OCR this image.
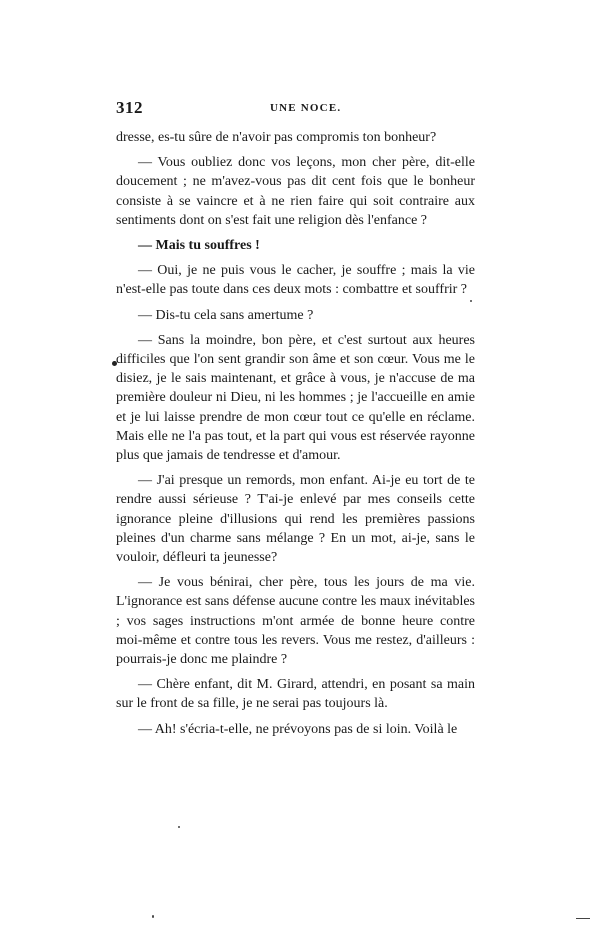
312	UNE NOCE.

dresse, es-tu sûre de n'avoir pas compromis ton bonheur?

— Vous oubliez donc vos leçons, mon cher père, dit-elle doucement ; ne m'avez-vous pas dit cent fois que le bonheur consiste à se vaincre et à ne rien faire qui soit contraire aux sentiments dont on s'est fait une religion dès l'enfance ?

— Mais tu souffres !

— Oui, je ne puis vous le cacher, je souffre ; mais la vie n'est-elle pas toute dans ces deux mots : combattre et souffrir ?

— Dis-tu cela sans amertume ?

— Sans la moindre, bon père, et c'est surtout aux heures difficiles que l'on sent grandir son âme et son cœur. Vous me le disiez, je le sais maintenant, et grâce à vous, je n'accuse de ma première douleur ni Dieu, ni les hommes ; je l'accueille en amie et je lui laisse prendre de mon cœur tout ce qu'elle en réclame. Mais elle ne l'a pas tout, et la part qui vous est réservée rayonne plus que jamais de tendresse et d'amour.

— J'ai presque un remords, mon enfant. Ai-je eu tort de te rendre aussi sérieuse ? T'ai-je enlevé par mes conseils cette ignorance pleine d'illusions qui rend les premières passions pleines d'un charme sans mélange ? En un mot, ai-je, sans le vouloir, défleuri ta jeunesse?

— Je vous bénirai, cher père, tous les jours de ma vie. L'ignorance est sans défense aucune contre les maux inévitables ; vos sages instructions m'ont armée de bonne heure contre moi-même et contre tous les revers. Vous me restez, d'ailleurs : pourrais-je donc me plaindre ?

— Chère enfant, dit M. Girard, attendri, en posant sa main sur le front de sa fille, je ne serai pas toujours là.

— Ah! s'écria-t-elle, ne prévoyons pas de si loin. Voilà le
